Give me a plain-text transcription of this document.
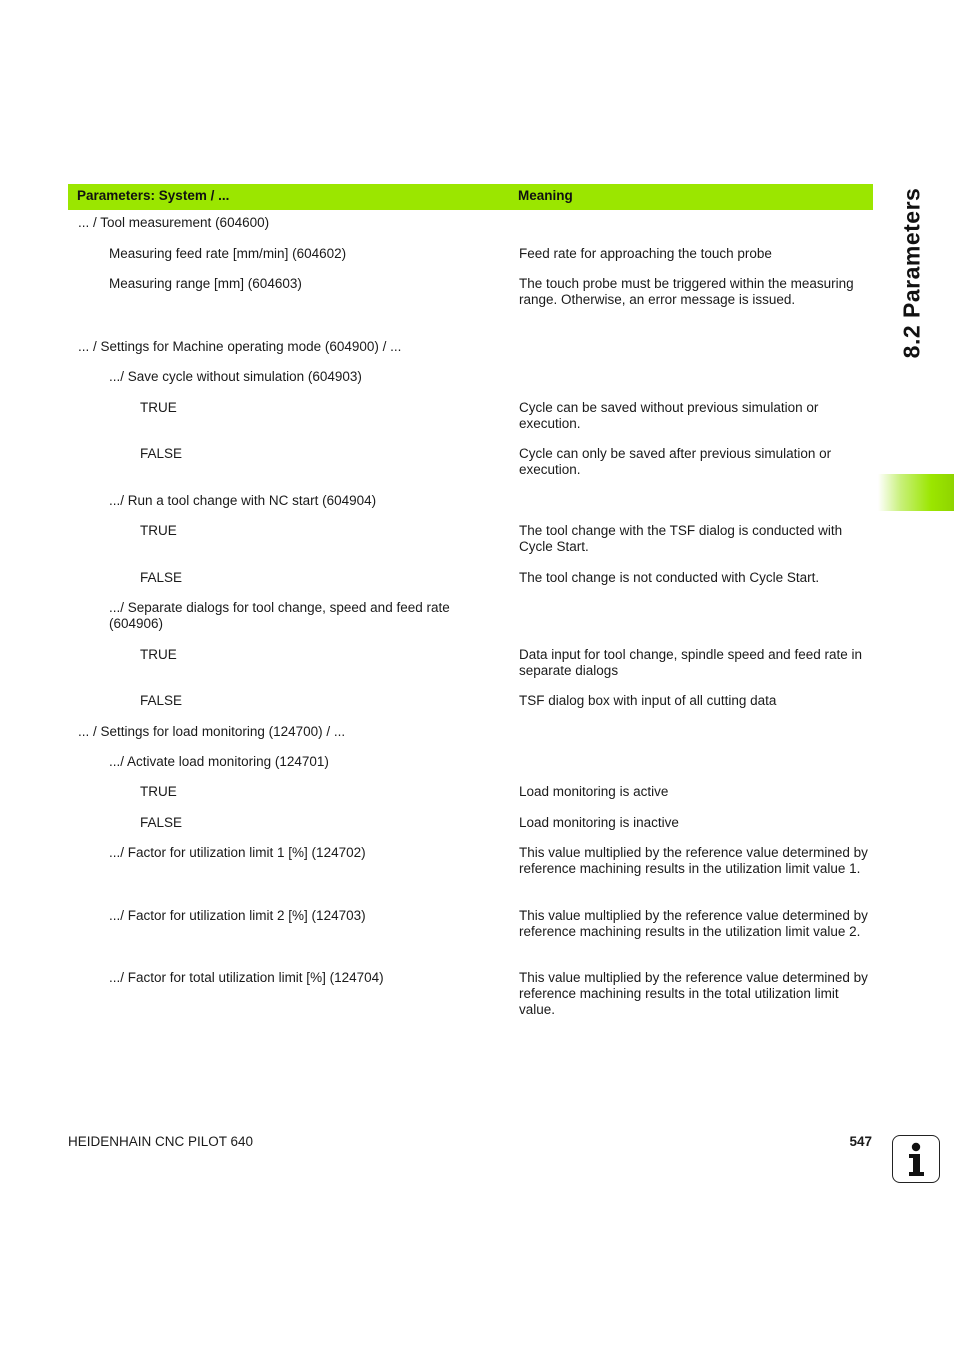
Parameters: System / ...	Meaning
... / Tool measurement (604600)
Measuring feed rate [mm/min] (604602)	Feed rate for approaching the touch probe
Measuring range [mm] (604603)	The touch probe must be triggered within the measuring range. Otherwise, an error message is issued.
... / Settings for Machine operating mode (604900) / ...
.../ Save cycle without simulation (604903)
TRUE	Cycle can be saved without previous simulation or execution.
FALSE	Cycle can only be saved after previous simulation or execution.
.../ Run a tool change with NC start (604904)
TRUE	The tool change with the TSF dialog is conducted with Cycle Start.
FALSE	The tool change is not conducted with Cycle Start.
.../ Separate dialogs for tool change, speed and feed rate (604906)
TRUE	Data input for tool change, spindle speed and feed rate in separate dialogs
FALSE	TSF dialog box with input of all cutting data
... / Settings for load monitoring (124700) / ...
.../ Activate load monitoring (124701)
TRUE	Load monitoring is active
FALSE	Load monitoring is inactive
.../ Factor for utilization limit 1 [%] (124702)	This value multiplied by the reference value determined by reference machining results in the utilization limit value 1.
.../ Factor for utilization limit 2 [%] (124703)	This value multiplied by the reference value determined by reference machining results in the utilization limit value 2.
.../ Factor for total utilization limit [%] (124704)	This value multiplied by the reference value determined by reference machining results in the total utilization limit value.
8.2 Parameters
HEIDENHAIN CNC PILOT 640	547
